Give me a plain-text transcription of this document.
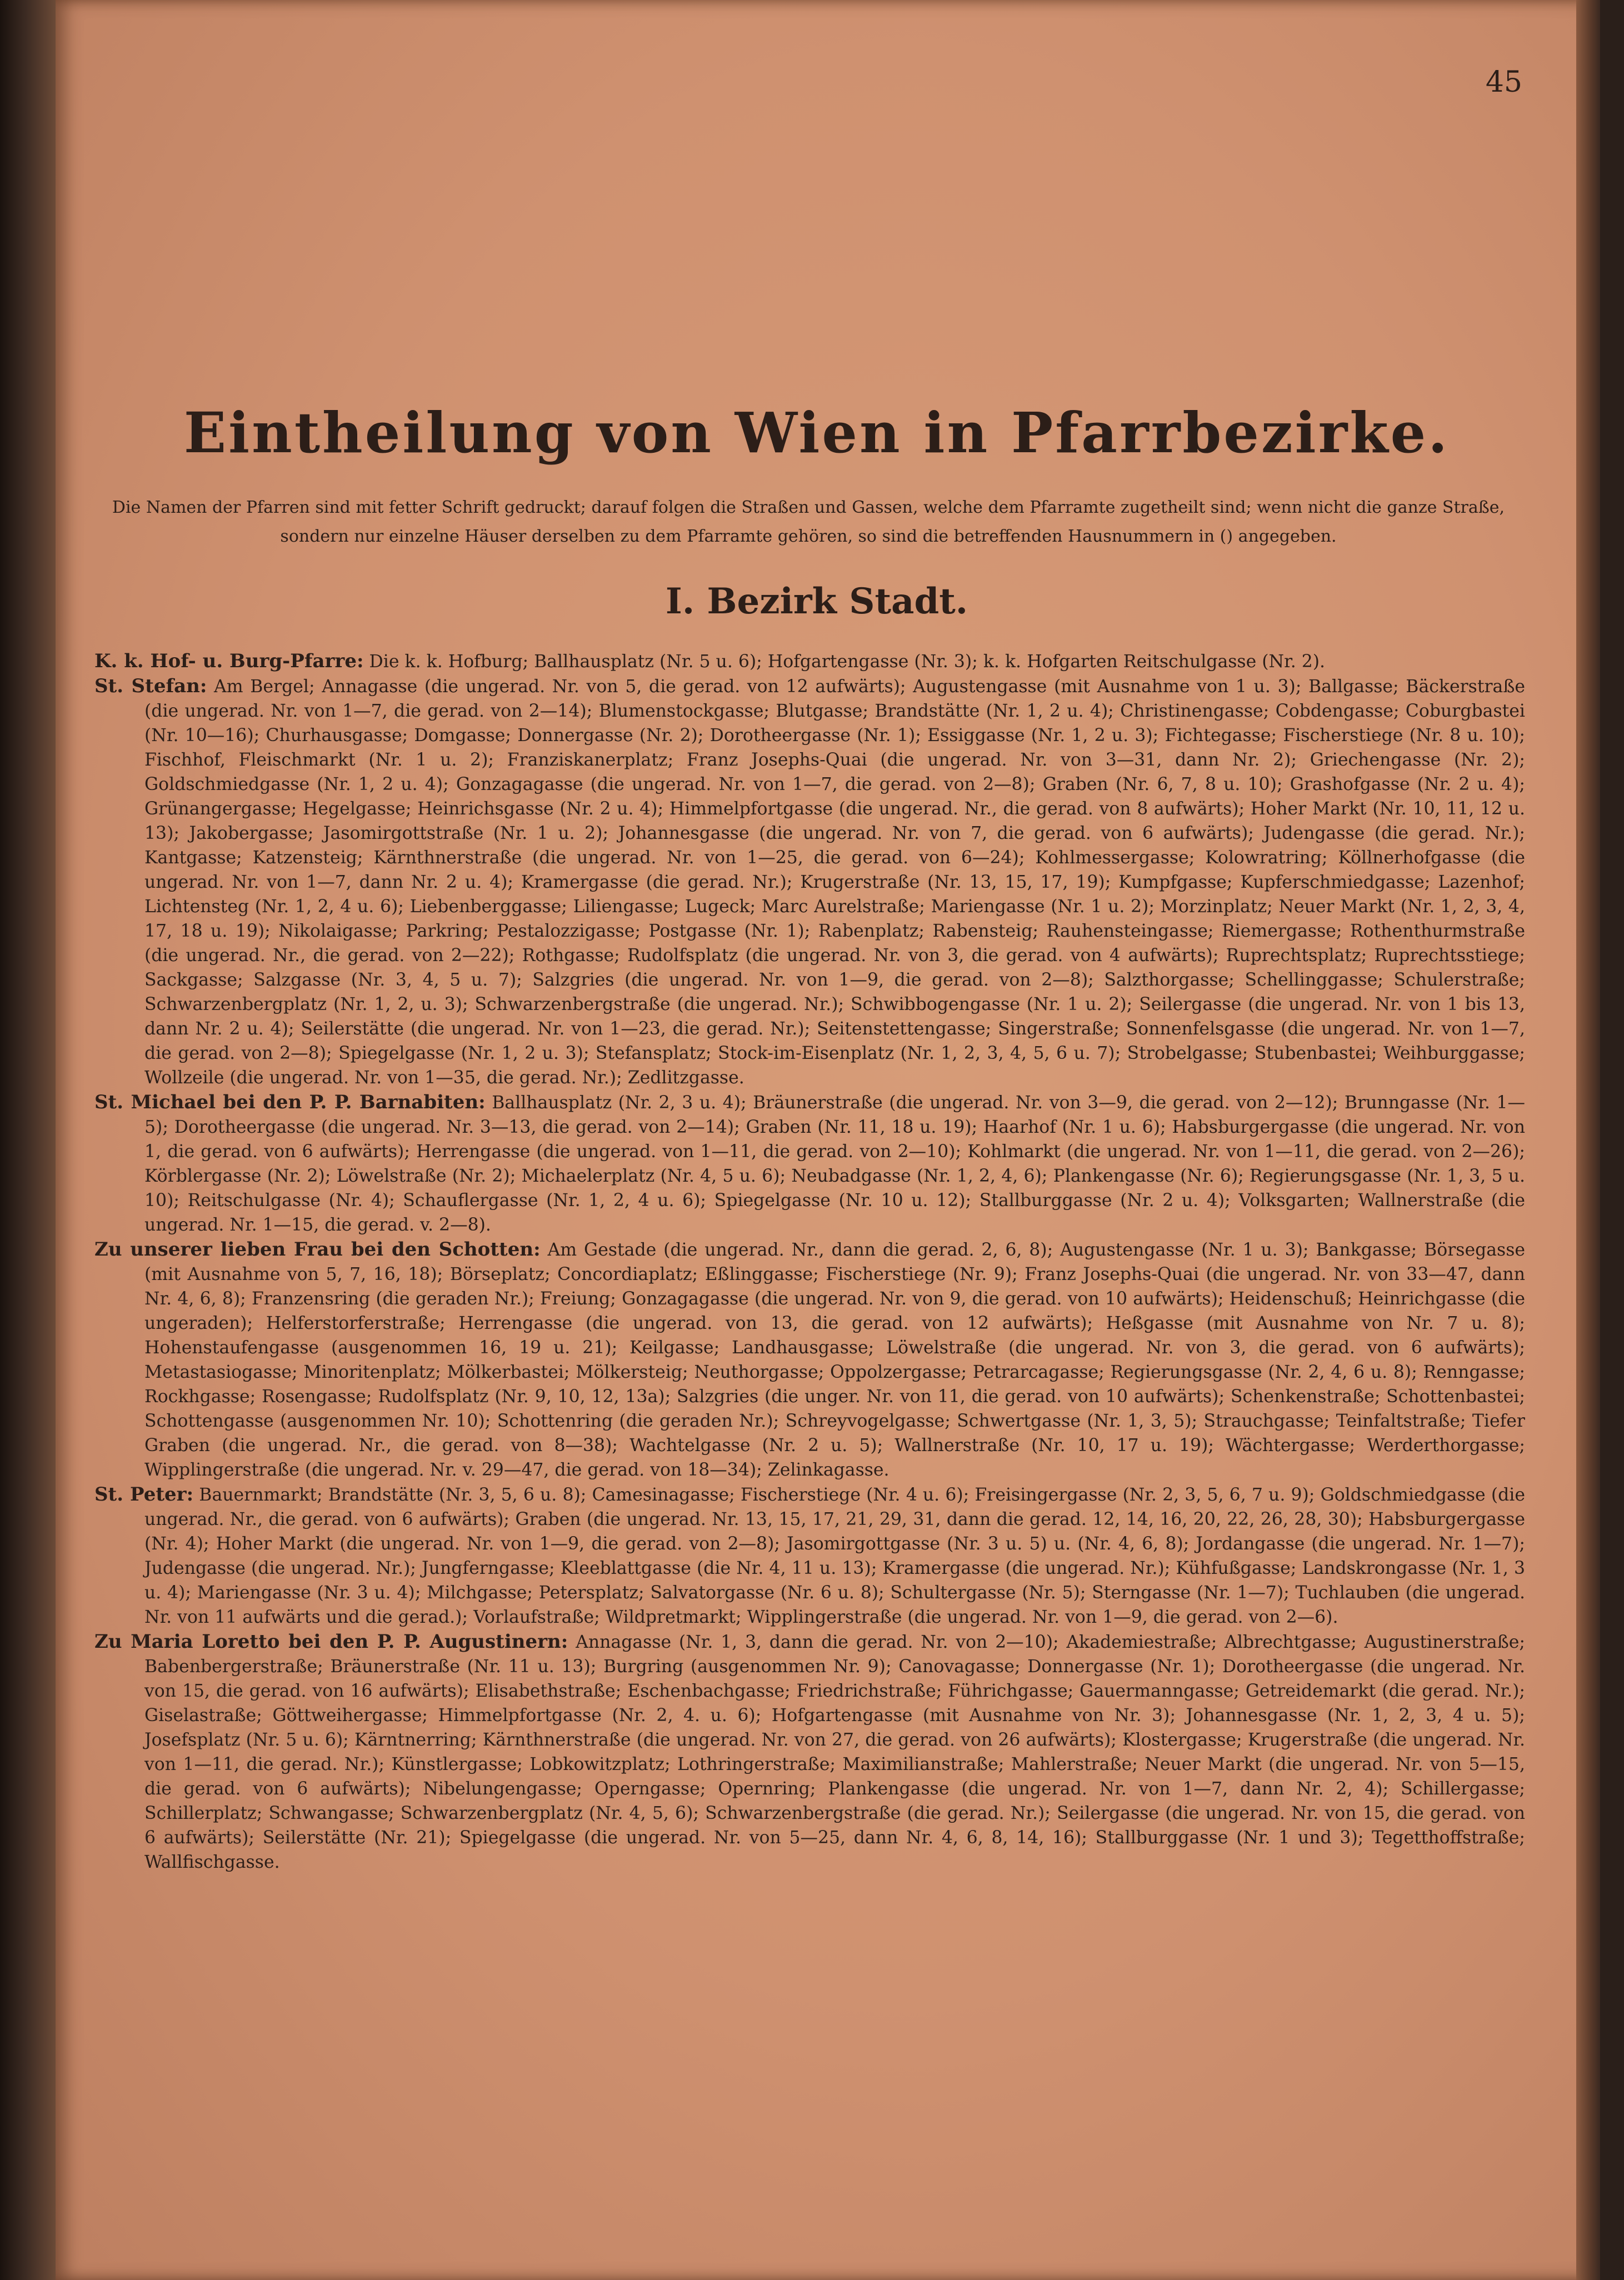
45
Eintheilung von Wien in Pfarrbezirke.
Die Namen der Pfarren sind mit fetter Schrift gedruckt; darauf folgen die Straßen und Gassen, welche dem Pfarramte zugetheilt sind; wenn nicht die ganze Straße, sondern nur einzelne Häuser derselben zu dem Pfarramte gehören, so sind die betreffenden Hausnummern in () angegeben.
I. Bezirk Stadt.

K. k. Hof- u. Burg-Pfarre: Die k. k. Hofburg; Ballhausplatz (Nr. 5 u. 6); Hofgartengasse (Nr. 3); k. k. Hofgarten Reitschulgasse (Nr. 2).

St. Stefan: Am Bergel; Annagasse (die ungerad. Nr. von 5, die gerad. von 12 aufwärts); Augustengasse (mit Ausnahme von 1 u. 3); Ballgasse; Bäckerstraße (die ungerad. Nr. von 1—7, die gerad. von 2—14); Blumenstockgasse; Blutgasse; Brandstätte (Nr. 1, 2 u. 4); Christinengasse; Cobdengasse; Coburgbastei (Nr. 10—16); Churhausgasse; Domgasse; Donnergasse (Nr. 2); Dorotheergasse (Nr. 1); Essiggasse (Nr. 1, 2 u. 3); Fichtegasse; Fischerstiege (Nr. 8 u. 10); Fischhof, Fleischmarkt (Nr. 1 u. 2); Franziskanerplatz; Franz Josephs-Quai (die ungerad. Nr. von 3—31, dann Nr. 2); Griechengasse (Nr. 2); Goldschmiedgasse (Nr. 1, 2 u. 4); Gonzagagasse (die ungerad. Nr. von 1—7, die gerad. von 2—8); Graben (Nr. 6, 7, 8 u. 10); Grashofgasse (Nr. 2 u. 4); Grünangergasse; Hegelgasse; Heinrichsgasse (Nr. 2 u. 4); Himmelpfortgasse (die ungerad. Nr., die gerad. von 8 aufwärts); Hoher Markt (Nr. 10, 11, 12 u. 13); Jakobergasse; Jasomirgottstraße (Nr. 1 u. 2); Johannesgasse (die ungerad. Nr. von 7, die gerad. von 6 aufwärts); Judengasse (die gerad. Nr.); Kantgasse; Katzensteig; Kärnthnerstraße (die ungerad. Nr. von 1—25, die gerad. von 6—24); Kohlmessergasse; Kolowratring; Köllnerhofgasse (die ungerad. Nr. von 1—7, dann Nr. 2 u. 4); Kramergasse (die gerad. Nr.); Krugerstraße (Nr. 13, 15, 17, 19); Kumpfgasse; Kupferschmiedgasse; Lazenhof; Lichtensteg (Nr. 1, 2, 4 u. 6); Liebenberggasse; Liliengasse; Lugeck; Marc Aurelstraße; Mariengasse (Nr. 1 u. 2); Morzinplatz; Neuer Markt (Nr. 1, 2, 3, 4, 17, 18 u. 19); Nikolaigasse; Parkring; Pestalozzigasse; Postgasse (Nr. 1); Rabenplatz; Rabensteig; Rauhensteingasse; Riemergasse; Rothenthurmstraße (die ungerad. Nr., die gerad. von 2—22); Rothgasse; Rudolfsplatz (die ungerad. Nr. von 3, die gerad. von 4 aufwärts); Ruprechtsplatz; Ruprechtsstiege; Sackgasse; Salzgasse (Nr. 3, 4, 5 u. 7); Salzgries (die ungerad. Nr. von 1—9, die gerad. von 2—8); Salzthorgasse; Schellinggasse; Schulerstraße; Schwarzenbergplatz (Nr. 1, 2, u. 3); Schwarzenbergstraße (die ungerad. Nr.); Schwibbogengasse (Nr. 1 u. 2); Seilergasse (die ungerad. Nr. von 1 bis 13, dann Nr. 2 u. 4); Seilerstätte (die ungerad. Nr. von 1—23, die gerad. Nr.); Seitenstettengasse; Singerstraße; Sonnenfelsgasse (die ungerad. Nr. von 1—7, die gerad. von 2—8); Spiegelgasse (Nr. 1, 2 u. 3); Stefansplatz; Stock-im-Eisenplatz (Nr. 1, 2, 3, 4, 5, 6 u. 7); Strobelgasse; Stubenbastei; Weihburggasse; Wollzeile (die ungerad. Nr. von 1—35, die gerad. Nr.); Zedlitzgasse.

St. Michael bei den P. P. Barnabiten: Ballhausplatz (Nr. 2, 3 u. 4); Bräunerstraße (die ungerad. Nr. von 3—9, die gerad. von 2—12); Brunngasse (Nr. 1—5); Dorotheergasse (die ungerad. Nr. 3—13, die gerad. von 2—14); Graben (Nr. 11, 18 u. 19); Haarhof (Nr. 1 u. 6); Habsburgergasse (die ungerad. Nr. von 1, die gerad. von 6 aufwärts); Herrengasse (die ungerad. von 1—11, die gerad. von 2—10); Kohlmarkt (die ungerad. Nr. von 1—11, die gerad. von 2—26); Körblergasse (Nr. 2); Löwelstraße (Nr. 2); Michaelerplatz (Nr. 4, 5 u. 6); Neubadgasse (Nr. 1, 2, 4, 6); Plankengasse (Nr. 6); Regierungsgasse (Nr. 1, 3, 5 u. 10); Reitschulgasse (Nr. 4); Schauflergasse (Nr. 1, 2, 4 u. 6); Spiegelgasse (Nr. 10 u. 12); Stallburggasse (Nr. 2 u. 4); Volksgarten; Wallnerstraße (die ungerad. Nr. 1—15, die gerad. v. 2—8).

Zu unserer lieben Frau bei den Schotten: Am Gestade (die ungerad. Nr., dann die gerad. 2, 6, 8); Augustengasse (Nr. 1 u. 3); Bankgasse; Börsegasse (mit Ausnahme von 5, 7, 16, 18); Börseplatz; Concordiaplatz; Eßlinggasse; Fischerstiege (Nr. 9); Franz Josephs-Quai (die ungerad. Nr. von 33—47, dann Nr. 4, 6, 8); Franzensring (die geraden Nr.); Freiung; Gonzagagasse (die ungerad. Nr. von 9, die gerad. von 10 aufwärts); Heidenschuß; Heinrichgasse (die ungeraden); Helferstorferstraße; Herrengasse (die ungerad. von 13, die gerad. von 12 aufwärts); Heßgasse (mit Ausnahme von Nr. 7 u. 8); Hohenstaufengasse (ausgenommen 16, 19 u. 21); Keilgasse; Landhausgasse; Löwelstraße (die ungerad. Nr. von 3, die gerad. von 6 aufwärts); Metastasiogasse; Minoritenplatz; Mölkerbastei; Mölkersteig; Neuthorgasse; Oppolzergasse; Petrarcagasse; Regierungsgasse (Nr. 2, 4, 6 u. 8); Renngasse; Rockhgasse; Rosengasse; Rudolfsplatz (Nr. 9, 10, 12, 13a); Salzgries (die unger. Nr. von 11, die gerad. von 10 aufwärts); Schenkenstraße; Schottenbastei; Schottengasse (ausgenommen Nr. 10); Schottenring (die geraden Nr.); Schreyvogelgasse; Schwertgasse (Nr. 1, 3, 5); Strauchgasse; Teinfaltstraße; Tiefer Graben (die ungerad. Nr., die gerad. von 8—38); Wachtelgasse (Nr. 2 u. 5); Wallnerstraße (Nr. 10, 17 u. 19); Wächtergasse; Werderthorgasse; Wipplingerstraße (die ungerad. Nr. v. 29—47, die gerad. von 18—34); Zelinkagasse.

St. Peter: Bauernmarkt; Brandstätte (Nr. 3, 5, 6 u. 8); Camesinagasse; Fischerstiege (Nr. 4 u. 6); Freisingergasse (Nr. 2, 3, 5, 6, 7 u. 9); Goldschmiedgasse (die ungerad. Nr., die gerad. von 6 aufwärts); Graben (die ungerad. Nr. 13, 15, 17, 21, 29, 31, dann die gerad. 12, 14, 16, 20, 22, 26, 28, 30); Habsburgergasse (Nr. 4); Hoher Markt (die ungerad. Nr. von 1—9, die gerad. von 2—8); Jasomirgottgasse (Nr. 3 u. 5) u. (Nr. 4, 6, 8); Jordangasse (die ungerad. Nr. 1—7); Judengasse (die ungerad. Nr.); Jungferngasse; Kleeblattgasse (die Nr. 4, 11 u. 13); Kramergasse (die ungerad. Nr.); Kühfußgasse; Landskrongasse (Nr. 1, 3 u. 4); Mariengasse (Nr. 3 u. 4); Milchgasse; Petersplatz; Salvatorgasse (Nr. 6 u. 8); Schultergasse (Nr. 5); Sterngasse (Nr. 1—7); Tuchlauben (die ungerad. Nr. von 11 aufwärts und die gerad.); Vorlaufstraße; Wildpretmarkt; Wipplingerstraße (die ungerad. Nr. von 1—9, die gerad. von 2—6).

Zu Maria Loretto bei den P. P. Augustinern: Annagasse (Nr. 1, 3, dann die gerad. Nr. von 2—10); Akademiestraße; Albrechtgasse; Augustinerstraße; Babenbergerstraße; Bräunerstraße (Nr. 11 u. 13); Burgring (ausgenommen Nr. 9); Canovagasse; Donnergasse (Nr. 1); Dorotheergasse (die ungerad. Nr. von 15, die gerad. von 16 aufwärts); Elisabethstraße; Eschenbachgasse; Friedrichstraße; Führichgasse; Gauermanngasse; Getreidemarkt (die gerad. Nr.); Giselastraße; Göttweihergasse; Himmelpfortgasse (Nr. 2, 4. u. 6); Hofgartengasse (mit Ausnahme von Nr. 3); Johannesgasse (Nr. 1, 2, 3, 4 u. 5); Josefsplatz (Nr. 5 u. 6); Kärntnerring; Kärnthnerstraße (die ungerad. Nr. von 27, die gerad. von 26 aufwärts); Klostergasse; Krugerstraße (die ungerad. Nr. von 1—11, die gerad. Nr.); Künstlergasse; Lobkowitzplatz; Lothringerstraße; Maximilianstraße; Mahlerstraße; Neuer Markt (die ungerad. Nr. von 5—15, die gerad. von 6 aufwärts); Nibelungengasse; Operngasse; Opernring; Plankengasse (die ungerad. Nr. von 1—7, dann Nr. 2, 4); Schillergasse; Schillerplatz; Schwangasse; Schwarzenbergplatz (Nr. 4, 5, 6); Schwarzenbergstraße (die gerad. Nr.); Seilergasse (die ungerad. Nr. von 15, die gerad. von 6 aufwärts); Seilerstätte (Nr. 21); Spiegelgasse (die ungerad. Nr. von 5—25, dann Nr. 4, 6, 8, 14, 16); Stallburggasse (Nr. 1 und 3); Tegetthoffstraße; Wallfischgasse.
